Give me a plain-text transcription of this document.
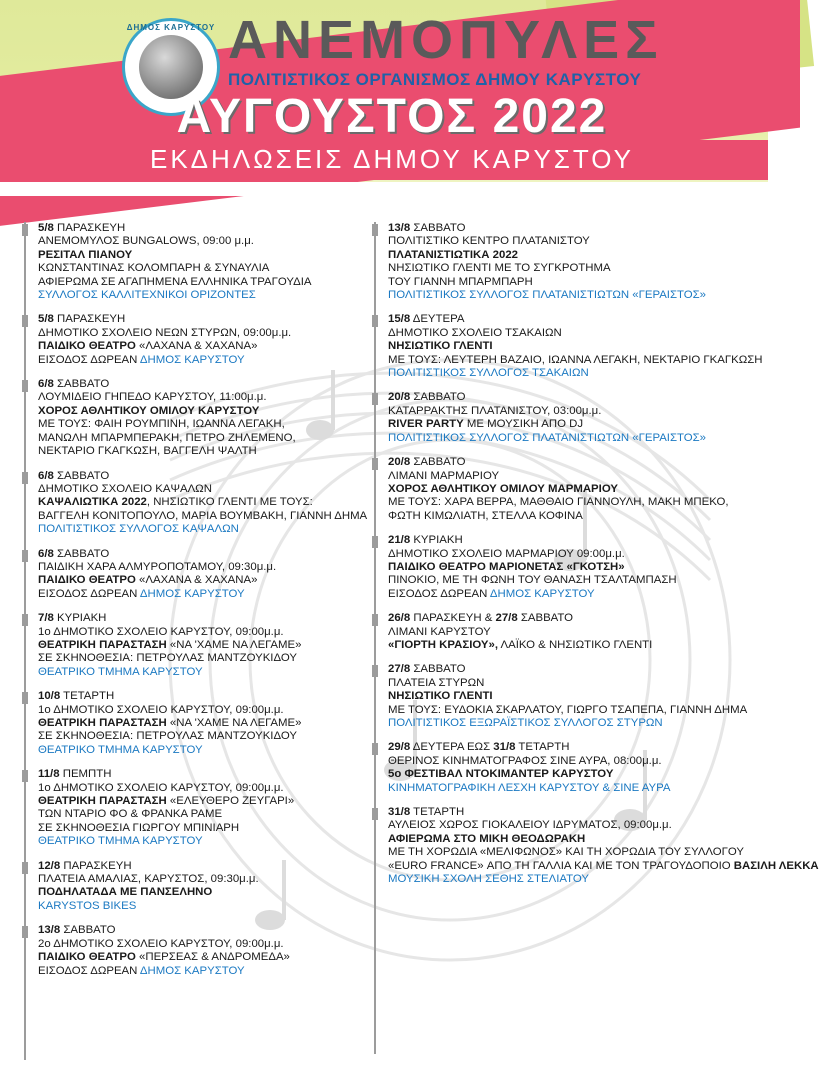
ΔΗΜΟΣ ΚΑΡΥΣΤΟΥ ΑΝΕΜΟΠΥΛΕΣ
ΠΟΛΙΤΙΣΤΙΚΟΣ ΟΡΓΑΝΙΣΜΟΣ ΔΗΜΟΥ ΚΑΡΥΣΤΟΥ
ΑΥΓΟΥΣΤΟΣ 2022
ΕΚΔΗΛΩΣΕΙΣ ΔΗΜΟΥ ΚΑΡΥΣΤΟΥ
5/8 ΠΑΡΑΣΚΕΥΗ
ΑΝΕΜΟΜΥΛΟΣ BUNGALOWS, 09:00 μ.μ.
ΡΕΣΙΤΑΛ ΠΙΑΝΟΥ
ΚΩΝΣΤΑΝΤΙΝΑΣ ΚΟΛΟΜΠΑΡΗ & ΣΥΝΑΥΛΙΑ
ΑΦΙΕΡΩΜΑ ΣΕ ΑΓΑΠΗΜΕΝΑ ΕΛΛΗΝΙΚΑ ΤΡΑΓΟΥΔΙΑ
ΣΥΛΛΟΓΟΣ ΚΑΛΛΙΤΕΧΝΙΚΟΙ ΟΡΙΖΟΝΤΕΣ
5/8 ΠΑΡΑΣΚΕΥΗ
ΔΗΜΟΤΙΚΟ ΣΧΟΛΕΙΟ ΝΕΩΝ ΣΤΥΡΩΝ, 09:00μ.μ.
ΠΑΙΔΙΚΟ ΘΕΑΤΡΟ «ΛΑΧΑΝΑ & ΧΑΧΑΝΑ»
ΕΙΣΟΔΟΣ ΔΩΡΕΑΝ ΔΗΜΟΣ ΚΑΡΥΣΤΟΥ
6/8 ΣΑΒΒΑΤΟ
ΛΟΥΜΙΔΕΙΟ ΓΗΠΕΔΟ ΚΑΡΥΣΤΟΥ, 11:00μ.μ.
ΧΟΡΟΣ ΑΘΛΗΤΙΚΟΥ ΟΜΙΛΟΥ ΚΑΡΥΣΤΟΥ
ΜΕ ΤΟΥΣ: ΦΑΙΗ ΡΟΥΜΠΙΝΗ, ΙΩΑΝΝΑ ΛΕΓΑΚΗ,
ΜΑΝΩΛΗ ΜΠΑΡΜΠΕΡΑΚΗ, ΠΕΤΡΟ ΖΗΛΕΜΕΝΟ,
ΝΕΚΤΑΡΙΟ ΓΚΑΓΚΩΣΗ, ΒΑΓΓΕΛΗ ΨΑΛΤΗ
6/8 ΣΑΒΒΑΤΟ
ΔΗΜΟΤΙΚΟ ΣΧΟΛΕΙΟ ΚΑΨΑΛΩΝ
ΚΑΨΑΛΙΩΤΙΚΑ 2022, ΝΗΣΙΩΤΙΚΟ ΓΛΕΝΤΙ ΜΕ ΤΟΥΣ:
ΒΑΓΓΕΛΗ ΚΟΝΙΤΟΠΟΥΛΟ, ΜΑΡΙΑ ΒΟΥΜΒΑΚΗ, ΓΙΑΝΝΗ ΔΗΜΑ
ΠΟΛΙΤΙΣΤΙΚΟΣ ΣΥΛΛΟΓΟΣ ΚΑΨΑΛΩΝ
6/8 ΣΑΒΒΑΤΟ
ΠΑΙΔΙΚΗ ΧΑΡΑ ΑΛΜΥΡΟΠΟΤΑΜΟΥ, 09:30μ.μ.
ΠΑΙΔΙΚΟ ΘΕΑΤΡΟ «ΛΑΧΑΝΑ & ΧΑΧΑΝΑ»
ΕΙΣΟΔΟΣ ΔΩΡΕΑΝ ΔΗΜΟΣ ΚΑΡΥΣΤΟΥ
7/8 ΚΥΡΙΑΚΗ
1ο ΔΗΜΟΤΙΚΟ ΣΧΟΛΕΙΟ ΚΑΡΥΣΤΟΥ, 09:00μ.μ.
ΘΕΑΤΡΙΚΗ ΠΑΡΑΣΤΑΣΗ «ΝΑ 'ΧΑΜΕ ΝΑ ΛΕΓΑΜΕ»
ΣΕ ΣΚΗΝΟΘΕΣΙΑ: ΠΕΤΡΟΥΛΑΣ ΜΑΝΤΖΟΥΚΙΔΟΥ
ΘΕΑΤΡΙΚΟ ΤΜΗΜΑ ΚΑΡΥΣΤΟΥ
10/8 ΤΕΤΑΡΤΗ
1ο ΔΗΜΟΤΙΚΟ ΣΧΟΛΕΙΟ ΚΑΡΥΣΤΟΥ, 09:00μ.μ.
ΘΕΑΤΡΙΚΗ ΠΑΡΑΣΤΑΣΗ «ΝΑ 'ΧΑΜΕ ΝΑ ΛΕΓΑΜΕ»
ΣΕ ΣΚΗΝΟΘΕΣΙΑ: ΠΕΤΡΟΥΛΑΣ ΜΑΝΤΖΟΥΚΙΔΟΥ
ΘΕΑΤΡΙΚΟ ΤΜΗΜΑ ΚΑΡΥΣΤΟΥ
11/8 ΠΕΜΠΤΗ
1ο ΔΗΜΟΤΙΚΟ ΣΧΟΛΕΙΟ ΚΑΡΥΣΤΟΥ, 09:00μ.μ.
ΘΕΑΤΡΙΚΗ ΠΑΡΑΣΤΑΣΗ «ΕΛΕΥΘΕΡΟ ΖΕΥΓΑΡΙ»
ΤΩΝ ΝΤΑΡΙΟ ΦΟ & ΦΡΑΝΚΑ ΡΑΜΕ
ΣΕ ΣΚΗΝΟΘΕΣΙΑ ΓΙΩΡΓΟΥ ΜΠΙΝΙΑΡΗ
ΘΕΑΤΡΙΚΟ ΤΜΗΜΑ ΚΑΡΥΣΤΟΥ
12/8 ΠΑΡΑΣΚΕΥΗ
ΠΛΑΤΕΙΑ ΑΜΑΛΙΑΣ, ΚΑΡΥΣΤΟΣ, 09:30μ.μ.
ΠΟΔΗΛΑΤΑΔΑ ΜΕ ΠΑΝΣΕΛΗΝΟ
KARYSTOS BIKES
13/8 ΣΑΒΒΑΤΟ
2ο ΔΗΜΟΤΙΚΟ ΣΧΟΛΕΙΟ ΚΑΡΥΣΤΟΥ, 09:00μ.μ.
ΠΑΙΔΙΚΟ ΘΕΑΤΡΟ «ΠΕΡΣΕΑΣ & ΑΝΔΡΟΜΕΔΑ»
ΕΙΣΟΔΟΣ ΔΩΡΕΑΝ ΔΗΜΟΣ ΚΑΡΥΣΤΟΥ
13/8 ΣΑΒΒΑΤΟ
ΠΟΛΙΤΙΣΤΙΚΟ ΚΕΝΤΡΟ ΠΛΑΤΑΝΙΣΤΟΥ
ΠΛΑΤΑΝΙΣΤΙΩΤΙΚΑ 2022
ΝΗΣΙΩΤΙΚΟ ΓΛΕΝΤΙ ΜΕ ΤΟ ΣΥΓΚΡΟΤΗΜΑ
ΤΟΥ ΓΙΑΝΝΗ ΜΠΑΡΜΠΑΡΗ
ΠΟΛΙΤΙΣΤΙΚΟΣ ΣΥΛΛΟΓΟΣ ΠΛΑΤΑΝΙΣΤΙΩΤΩΝ «ΓΕΡΑΙΣΤΟΣ»
15/8 ΔΕΥΤΕΡΑ
ΔΗΜΟΤΙΚΟ ΣΧΟΛΕΙΟ ΤΣΑΚΑΙΩΝ
ΝΗΣΙΩΤΙΚΟ ΓΛΕΝΤΙ
ΜΕ ΤΟΥΣ: ΛΕΥΤΕΡΗ ΒΑΖΑΙΟ, ΙΩΑΝΝΑ ΛΕΓΑΚΗ, ΝΕΚΤΑΡΙΟ ΓΚΑΓΚΩΣΗ
ΠΟΛΙΤΙΣΤΙΚΟΣ ΣΥΛΛΟΓΟΣ ΤΣΑΚΑΙΩΝ
20/8 ΣΑΒΒΑΤΟ
ΚΑΤΑΡΡΑΚΤΗΣ ΠΛΑΤΑΝΙΣΤΟΥ, 03:00μ.μ.
RIVER PARTY ΜΕ ΜΟΥΣΙΚΗ ΑΠΟ DJ
ΠΟΛΙΤΙΣΤΙΚΟΣ ΣΥΛΛΟΓΟΣ ΠΛΑΤΑΝΙΣΤΙΩΤΩΝ «ΓΕΡΑΙΣΤΟΣ»
20/8 ΣΑΒΒΑΤΟ
ΛΙΜΑΝΙ ΜΑΡΜΑΡΙΟΥ
ΧΟΡΟΣ ΑΘΛΗΤΙΚΟΥ ΟΜΙΛΟΥ ΜΑΡΜΑΡΙΟΥ
ΜΕ ΤΟΥΣ: ΧΑΡΑ ΒΕΡΡΑ, ΜΑΘΘΑΙΟ ΓΙΑΝΝΟΥΛΗ, ΜΑΚΗ ΜΠΕΚΟ,
ΦΩΤΗ ΚΙΜΩΛΙΑΤΗ, ΣΤΕΛΛΑ ΚΟΦΙΝΑ
21/8 ΚΥΡΙΑΚΗ
ΔΗΜΟΤΙΚΟ ΣΧΟΛΕΙΟ ΜΑΡΜΑΡΙΟΥ 09:00μ.μ.
ΠΑΙΔΙΚΟ ΘΕΑΤΡΟ ΜΑΡΙΟΝΕΤΑΣ «ΓΚΟΤΣΗ»
ΠΙΝΟΚΙΟ, ΜΕ ΤΗ ΦΩΝΗ ΤΟΥ ΘΑΝΑΣΗ ΤΣΑΛΤΑΜΠΑΣΗ
ΕΙΣΟΔΟΣ ΔΩΡΕΑΝ ΔΗΜΟΣ ΚΑΡΥΣΤΟΥ
26/8 ΠΑΡΑΣΚΕΥΗ & 27/8 ΣΑΒΒΑΤΟ
ΛΙΜΑΝΙ ΚΑΡΥΣΤΟΥ
«ΓΙΟΡΤΗ ΚΡΑΣΙΟΥ», ΛΑΪΚΟ & ΝΗΣΙΩΤΙΚΟ ΓΛΕΝΤΙ
27/8 ΣΑΒΒΑΤΟ
ΠΛΑΤΕΙΑ ΣΤΥΡΩΝ
ΝΗΣΙΩΤΙΚΟ ΓΛΕΝΤΙ
ΜΕ ΤΟΥΣ: ΕΥΔΟΚΙΑ ΣΚΑΡΛΑΤΟΥ, ΓΙΩΡΓΟ ΤΣΑΠΕΠΑ, ΓΙΑΝΝΗ ΔΗΜΑ
ΠΟΛΙΤΙΣΤΙΚΟΣ ΕΞΩΡΑΪΣΤΙΚΟΣ ΣΥΛΛΟΓΟΣ ΣΤΥΡΩΝ
29/8 ΔΕΥΤΕΡΑ ΕΩΣ 31/8 ΤΕΤΑΡΤΗ
ΘΕΡΙΝΟΣ ΚΙΝΗΜΑΤΟΓΡΑΦΟΣ ΣΙΝΕ ΑΥΡΑ, 08:00μ.μ.
5ο ΦΕΣΤΙΒΑΛ ΝΤΟΚΙΜΑΝΤΕΡ ΚΑΡΥΣΤΟΥ
ΚΙΝΗΜΑΤΟΓΡΑΦΙΚΗ ΛΕΣΧΗ ΚΑΡΥΣΤΟΥ & ΣΙΝΕ ΑΥΡΑ
31/8 ΤΕΤΑΡΤΗ
ΑΥΛΕΙΟΣ ΧΩΡΟΣ ΓΙΟΚΑΛΕΙΟΥ ΙΔΡΥΜΑΤΟΣ, 09:00μ.μ.
ΑΦΙΕΡΩΜΑ ΣΤΟ ΜΙΚΗ ΘΕΟΔΩΡΑΚΗ
ΜΕ ΤΗ ΧΟΡΩΔΙΑ «ΜΕΛΙΦΩΝΟΣ» ΚΑΙ ΤΗ ΧΟΡΩΔΙΑ ΤΟΥ ΣΥΛΛΟΓΟΥ
«EURO FRANCE» ΑΠΟ ΤΗ ΓΑΛΛΙΑ ΚΑΙ ΜΕ ΤΟΝ ΤΡΑΓΟΥΔΟΠΟΙΟ ΒΑΣΙΛΗ ΛΕΚΚΑ
ΜΟΥΣΙΚΗ ΣΧΟΛΗ ΣΕΘΗΣ ΣΤΕΛΙΑΤΟΥ
